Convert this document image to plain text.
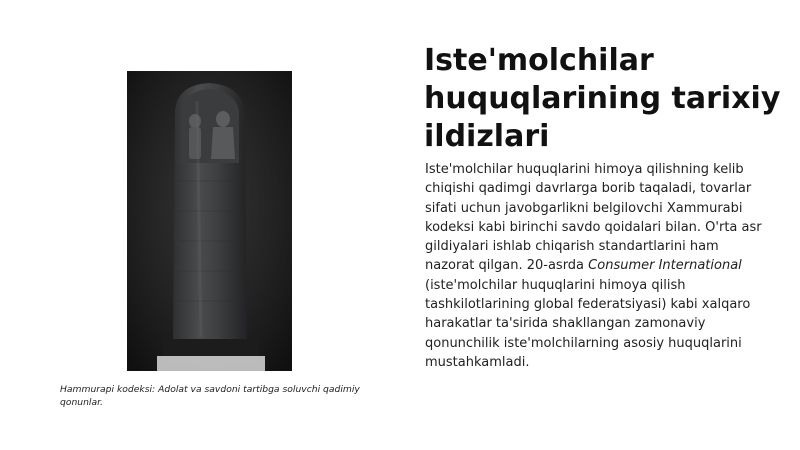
Hammurapi kodeksi: Adolat va savdoni tartibga soluvchi qadimiy qonunlar.
Iste'molchilar huquqlarining tarixiy ildizlari

Iste'molchilar huquqlarini himoya qilishning kelib chiqishi qadimgi davrlarga borib taqaladi, tovarlar sifati uchun javobgarlikni belgilovchi Xammurabi kodeksi kabi birinchi savdo qoidalari bilan. O'rta asr gildiyalari ishlab chiqarish standartlarini ham nazorat qilgan. 20-asrda Consumer International (iste'molchilar huquqlarini himoya qilish tashkilotlarining global federatsiyasi) kabi xalqaro harakatlar ta'sirida shakllangan zamonaviy qonunchilik iste'molchilarning asosiy huquqlarini mustahkamladi.
